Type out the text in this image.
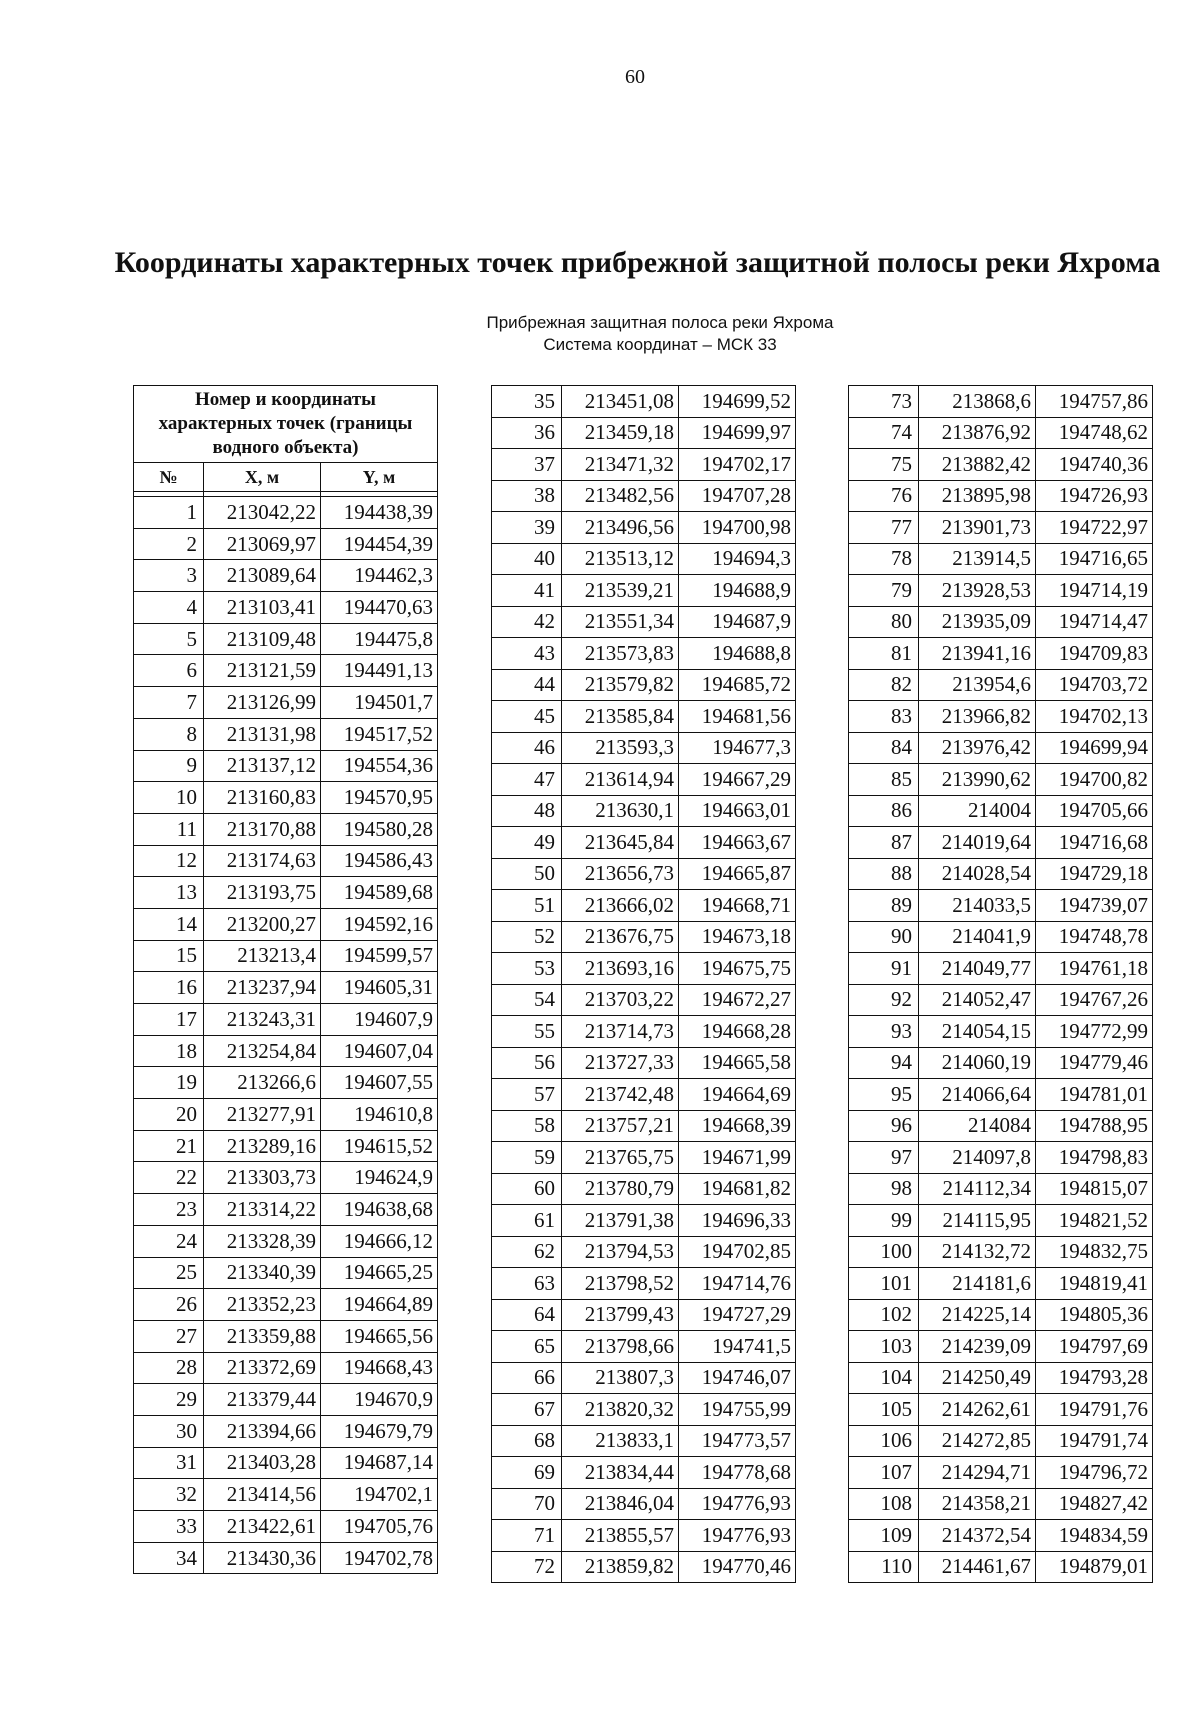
60
Координаты характерных точек прибрежной защитной полосы реки Яхрома
Прибрежная защитная полоса реки Яхрома
Система координат – МСК 33
Номер и координаты характерных точек (границы водного объекта)		
№	X, м	Y, м

1	213042,22	194438,39
2	213069,97	194454,39
3	213089,64	194462,3
4	213103,41	194470,63
5	213109,48	194475,8
6	213121,59	194491,13
7	213126,99	194501,7
8	213131,98	194517,52
9	213137,12	194554,36
10	213160,83	194570,95
11	213170,88	194580,28
12	213174,63	194586,43
13	213193,75	194589,68
14	213200,27	194592,16
15	213213,4	194599,57
16	213237,94	194605,31
17	213243,31	194607,9
18	213254,84	194607,04
19	213266,6	194607,55
20	213277,91	194610,8
21	213289,16	194615,52
22	213303,73	194624,9
23	213314,22	194638,68
24	213328,39	194666,12
25	213340,39	194665,25
26	213352,23	194664,89
27	213359,88	194665,56
28	213372,69	194668,43
29	213379,44	194670,9
30	213394,66	194679,79
31	213403,28	194687,14
32	213414,56	194702,1
33	213422,61	194705,76
34	213430,36	194702,78
35	213451,08	194699,52
36	213459,18	194699,97
37	213471,32	194702,17
38	213482,56	194707,28
39	213496,56	194700,98
40	213513,12	194694,3
41	213539,21	194688,9
42	213551,34	194687,9
43	213573,83	194688,8
44	213579,82	194685,72
45	213585,84	194681,56
46	213593,3	194677,3
47	213614,94	194667,29
48	213630,1	194663,01
49	213645,84	194663,67
50	213656,73	194665,87
51	213666,02	194668,71
52	213676,75	194673,18
53	213693,16	194675,75
54	213703,22	194672,27
55	213714,73	194668,28
56	213727,33	194665,58
57	213742,48	194664,69
58	213757,21	194668,39
59	213765,75	194671,99
60	213780,79	194681,82
61	213791,38	194696,33
62	213794,53	194702,85
63	213798,52	194714,76
64	213799,43	194727,29
65	213798,66	194741,5
66	213807,3	194746,07
67	213820,32	194755,99
68	213833,1	194773,57
69	213834,44	194778,68
70	213846,04	194776,93
71	213855,57	194776,93
72	213859,82	194770,46
73	213868,6	194757,86
74	213876,92	194748,62
75	213882,42	194740,36
76	213895,98	194726,93
77	213901,73	194722,97
78	213914,5	194716,65
79	213928,53	194714,19
80	213935,09	194714,47
81	213941,16	194709,83
82	213954,6	194703,72
83	213966,82	194702,13
84	213976,42	194699,94
85	213990,62	194700,82
86	214004	194705,66
87	214019,64	194716,68
88	214028,54	194729,18
89	214033,5	194739,07
90	214041,9	194748,78
91	214049,77	194761,18
92	214052,47	194767,26
93	214054,15	194772,99
94	214060,19	194779,46
95	214066,64	194781,01
96	214084	194788,95
97	214097,8	194798,83
98	214112,34	194815,07
99	214115,95	194821,52
100	214132,72	194832,75
101	214181,6	194819,41
102	214225,14	194805,36
103	214239,09	194797,69
104	214250,49	194793,28
105	214262,61	194791,76
106	214272,85	194791,74
107	214294,71	194796,72
108	214358,21	194827,42
109	214372,54	194834,59
110	214461,67	194879,01
